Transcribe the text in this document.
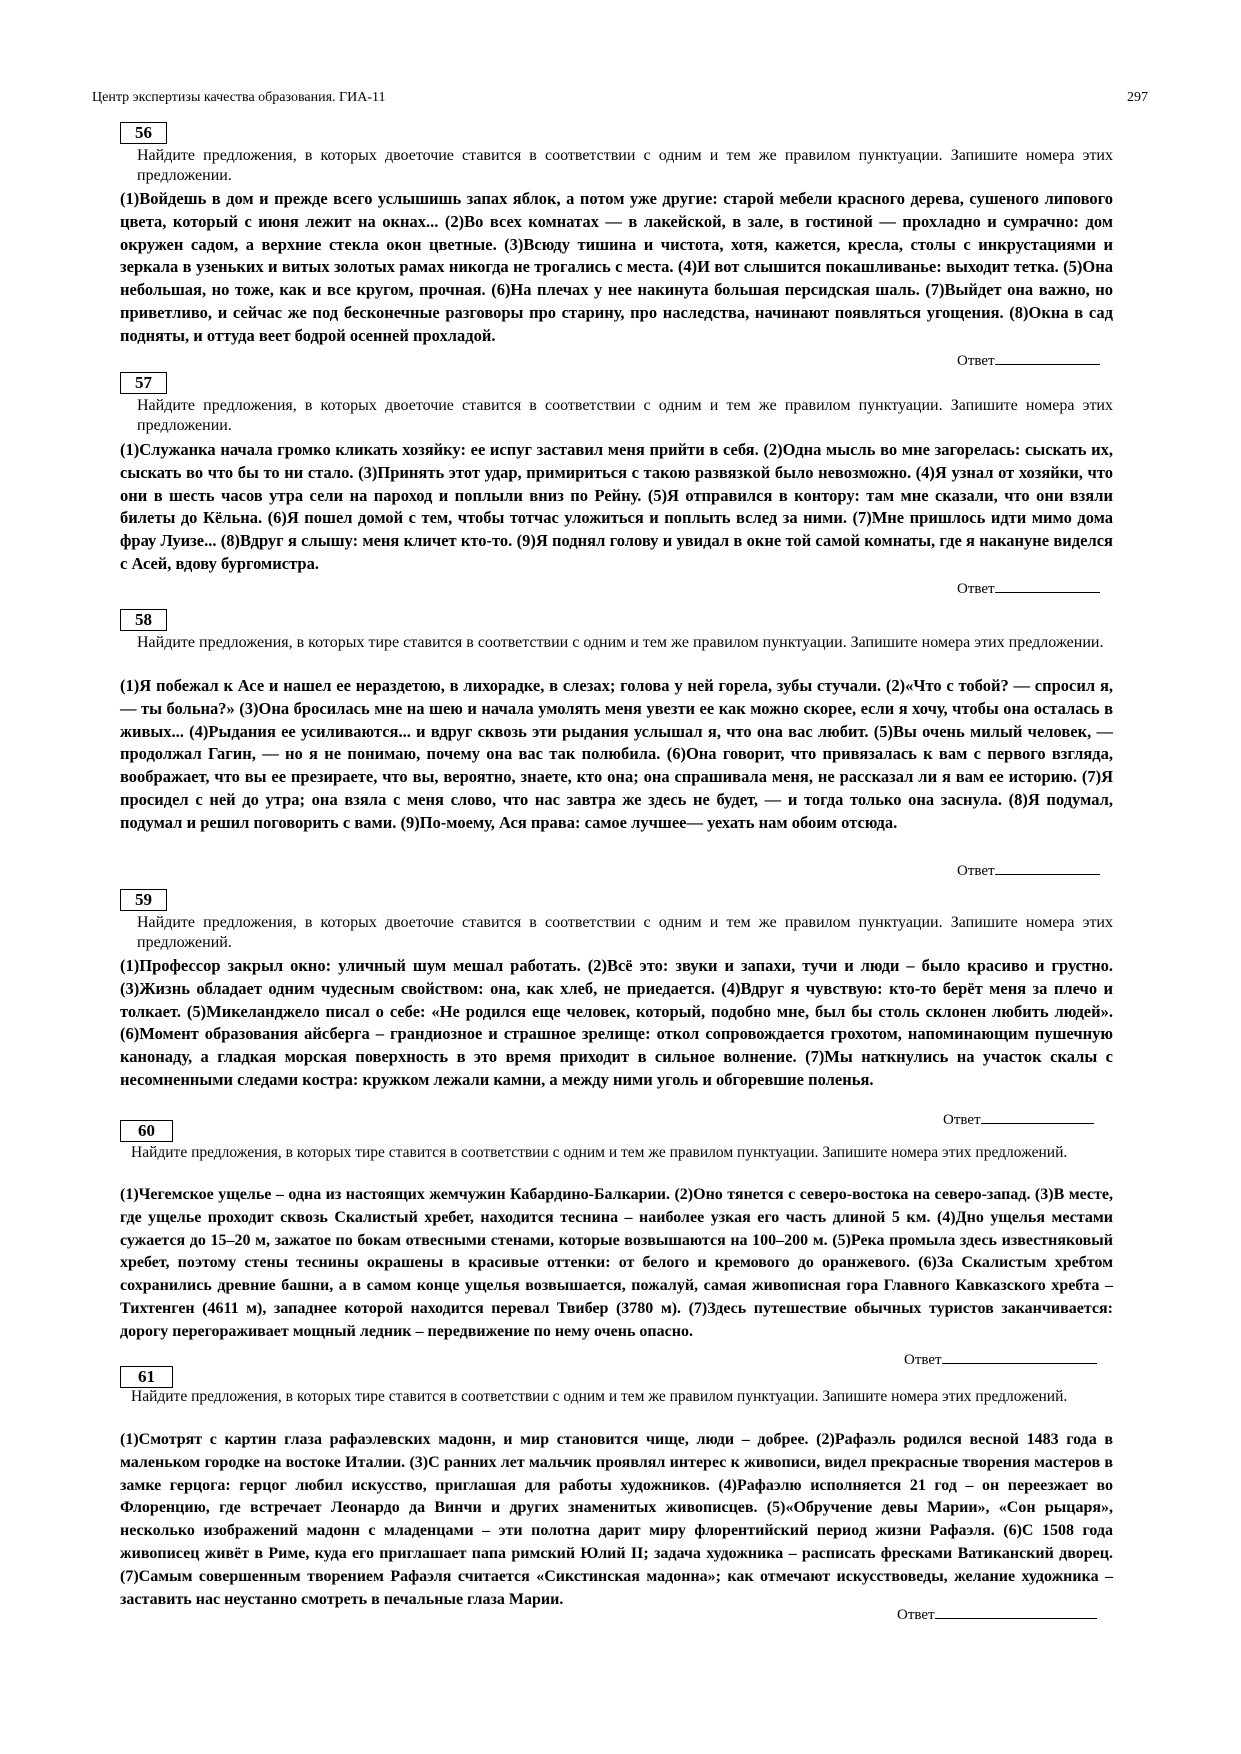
Центр экспертизы качества образования. ГИА-11	297
56
Найдите предложения, в которых двоеточие ставится в соответствии с одним и тем же правилом пунктуации. Запишите номера этих предложении.

(1)Войдешь в дом и прежде всего услышишь запах яблок, а потом уже другие: старой мебели красного дерева, сушеного липового цвета, который с июня лежит на окнах... (2)Во всех комнатах — в лакейской, в зале, в гостиной — прохладно и сумрачно: дом окружен садом, а верхние стекла окон цветные. (3)Всюду тишина и чистота, хотя, кажется, кресла, столы с инкрустациями и зеркала в узеньких и витых золотых рамах никогда не трогались с места. (4)И вот слышится покашливанье: выходит тетка. (5)Она небольшая, но тоже, как и все кругом, прочная. (6)На плечах у нее накинута большая персидская шаль. (7)Выйдет она важно, но приветливо, и сейчас же под бесконечные разговоры про старину, про наследства, начинают появляться угощения. (8)Окна в сад подняты, и оттуда веет бодрой осенней прохладой.

Ответ
57
Найдите предложения, в которых двоеточие ставится в соответствии с одним и тем же правилом пунктуации. Запишите номера этих предложении.

(1)Служанка начала громко кликать хозяйку: ее испуг заставил меня прийти в себя. (2)Одна мысль во мне загорелась: сыскать их, сыскать во что бы то ни стало. (3)Принять этот удар, примириться с такою развязкой было невозможно. (4)Я узнал от хозяйки, что они в шесть часов утра сели на пароход и поплыли вниз по Рейну. (5)Я отправился в контору: там мне сказали, что они взяли билеты до Кёльна. (6)Я пошел домой с тем, чтобы тотчас уложиться и поплыть вслед за ними. (7)Мне пришлось идти мимо дома фрау Луизе... (8)Вдруг я слышу: меня кличет кто-то. (9)Я поднял голову и увидал в окне той самой комнаты, где я накануне виделся с Асей, вдову бургомистра.

Ответ
58
Найдите предложения, в которых тире ставится в соответствии с одним и тем же правилом пунктуации. Запишите номера этих предложении.

(1)Я побежал к Асе и нашел ее нераздетою, в лихорадке, в слезах; голова у ней горела, зубы стучали. (2)«Что с тобой? — спросил я, — ты больна?» (3)Она бросилась мне на шею и начала умолять меня увезти ее как можно скорее, если я хочу, чтобы она осталась в живых... (4)Рыдания ее усиливаются... и вдруг сквозь эти рыдания услышал я, что она вас любит. (5)Вы очень милый человек, — продолжал Гагин, — но я не понимаю, почему она вас так полюбила. (6)Она говорит, что привязалась к вам с первого взгляда, воображает, что вы ее презираете, что вы, вероятно, знаете, кто она; она спрашивала меня, не рассказал ли я вам ее историю. (7)Я просидел с ней до утра; она взяла с меня слово, что нас завтра же здесь не будет, — и тогда только она заснула. (8)Я подумал, подумал и решил поговорить с вами. (9)По-моему, Ася права: самое лучшее— уехать нам обоим отсюда.

Ответ
59
Найдите предложения, в которых двоеточие ставится в соответствии с одним и тем же правилом пунктуации. Запишите номера этих предложений.

(1)Профессор закрыл окно: уличный шум мешал работать. (2)Всё это: звуки и запахи, тучи и люди – было красиво и грустно. (3)Жизнь обладает одним чудесным свойством: она, как хлеб, не приедается. (4)Вдруг я чувствую: кто-то берёт меня за плечо и толкает. (5)Микеланджело писал о себе: «Не родился еще человек, который, подобно мне, был бы столь склонен любить людей». (6)Момент образования айсберга – грандиозное и страшное зрелище: откол сопровождается грохотом, напоминающим пушечную канонаду, а гладкая морская поверхность в это время приходит в сильное волнение. (7)Мы наткнулись на участок скалы с несомненными следами костра: кружком лежали камни, а между ними уголь и обгоревшие поленья.

Ответ
60
Найдите предложения, в которых тире ставится в соответствии с одним и тем же правилом пунктуации. Запишите номера этих предложений.

(1)Чегемское ущелье – одна из настоящих жемчужин Кабардино-Балкарии. (2)Оно тянется с северо-востока на северо-запад. (3)В месте, где ущелье проходит сквозь Скалистый хребет, находится теснина – наиболее узкая его часть длиной 5 км. (4)Дно ущелья местами сужается до 15–20 м, зажатое по бокам отвесными стенами, которые возвышаются на 100–200 м. (5)Река промыла здесь известняковый хребет, поэтому стены теснины окрашены в красивые оттенки: от белого и кремового до оранжевого. (6)За Скалистым хребтом сохранились древние башни, а в самом конце ущелья возвышается, пожалуй, самая живописная гора Главного Кавказского хребта – Тихтенген (4611 м), западнее которой находится перевал Твибер (3780 м). (7)Здесь путешествие обычных туристов заканчивается: дорогу перегораживает мощный ледник – передвижение по нему очень опасно.

Ответ
61
Найдите предложения, в которых тире ставится в соответствии с одним и тем же правилом пунктуации. Запишите номера этих предложений.

(1)Смотрят с картин глаза рафаэлевских мадонн, и мир становится чище, люди – добрее. (2)Рафаэль родился весной 1483 года в маленьком городке на востоке Италии. (3)С ранних лет мальчик проявлял интерес к живописи, видел прекрасные творения мастеров в замке герцога: герцог любил искусство, приглашая для работы художников. (4)Рафаэлю исполняется 21 год – он переезжает во Флоренцию, где встречает Леонардо да Винчи и других знаменитых живописцев. (5)«Обручение девы Марии», «Сон рыцаря», несколько изображений мадонн с младенцами – эти полотна дарит миру флорентийский период жизни Рафаэля. (6)С 1508 года живописец живёт в Риме, куда его приглашает папа римский Юлий II; задача художника – расписать фресками Ватиканский дворец. (7)Самым совершенным творением Рафаэля считается «Сикстинская мадонна»; как отмечают искусствоведы, желание художника – заставить нас неустанно смотреть в печальные глаза Марии.

Ответ
